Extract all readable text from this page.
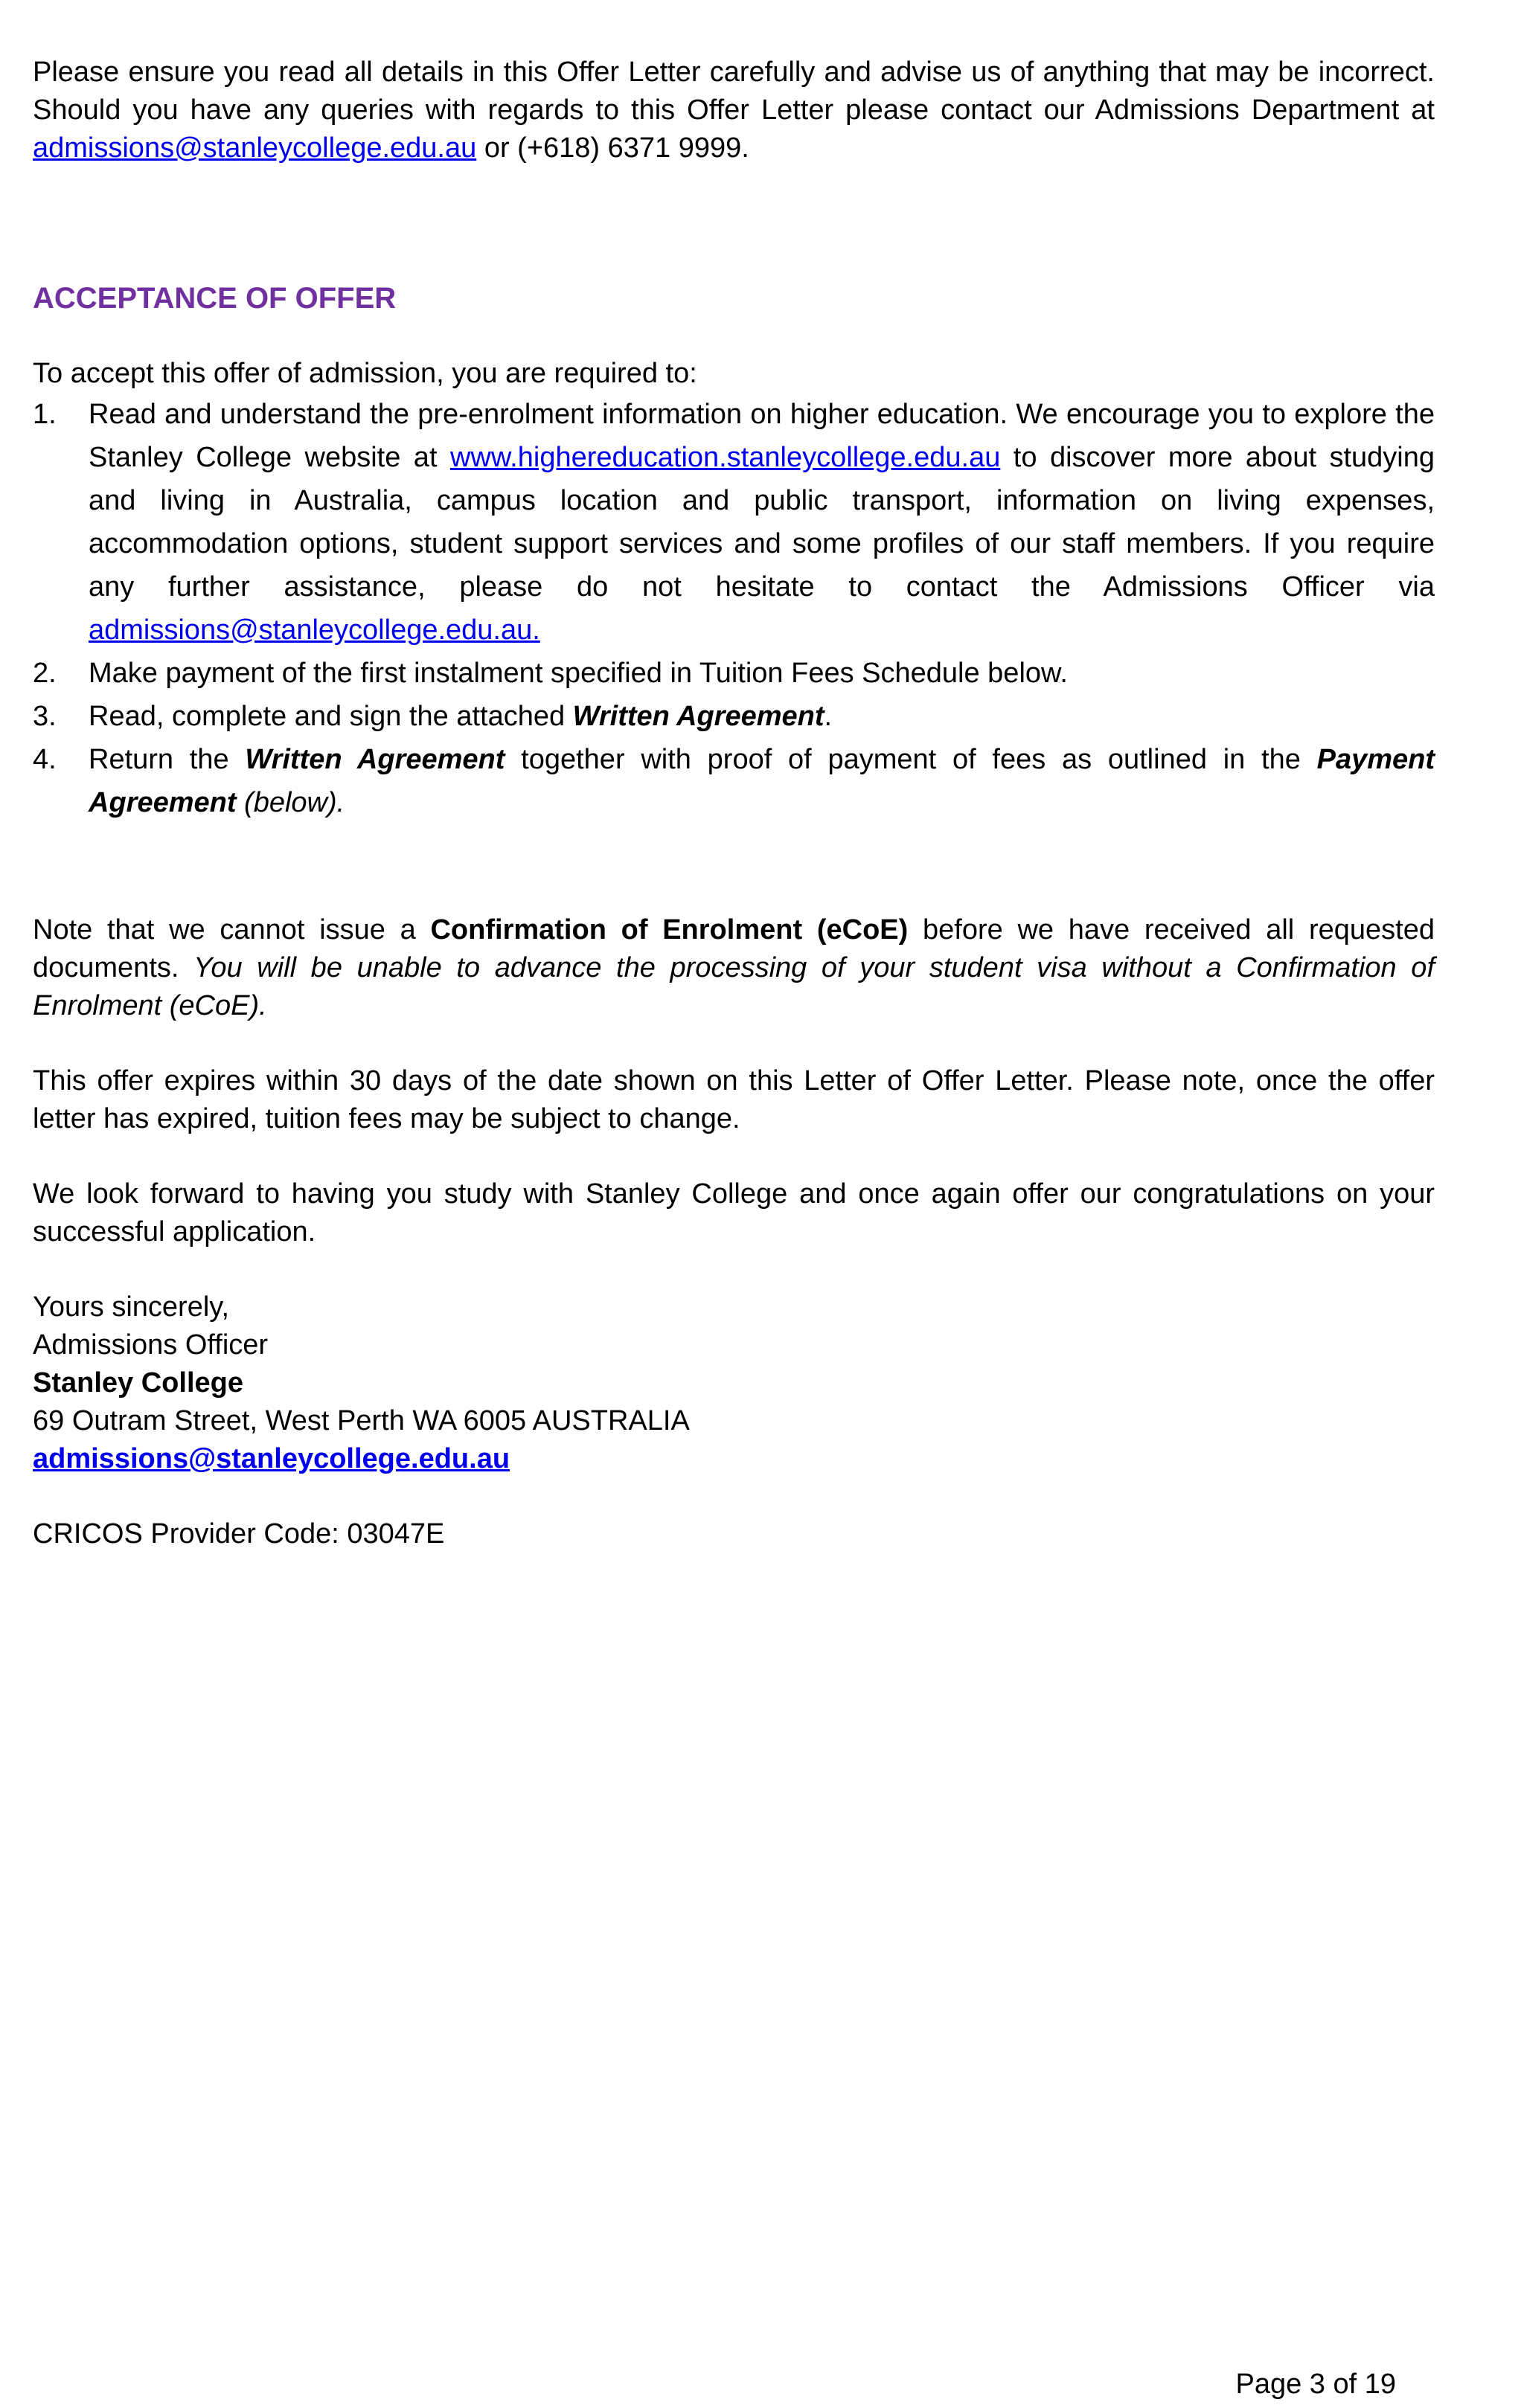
Please ensure you read all details in this Offer Letter carefully and advise us of anything that may be incorrect. Should you have any queries with regards to this Offer Letter please contact our Admissions Department at admissions@stanleycollege.edu.au or (+618) 6371 9999.

ACCEPTANCE OF OFFER

To accept this offer of admission, you are required to:

1. Read and understand the pre-enrolment information on higher education. We encourage you to explore the Stanley College website at www.highereducation.stanleycollege.edu.au to discover more about studying and living in Australia, campus location and public transport, information on living expenses, accommodation options, student support services and some profiles of our staff members. If you require any further assistance, please do not hesitate to contact the Admissions Officer via admissions@stanleycollege.edu.au.
2. Make payment of the first instalment specified in Tuition Fees Schedule below.
3. Read, complete and sign the attached Written Agreement.
4. Return the Written Agreement together with proof of payment of fees as outlined in the Payment Agreement (below).

Note that we cannot issue a Confirmation of Enrolment (eCoE) before we have received all requested documents. You will be unable to advance the processing of your student visa without a Confirmation of Enrolment (eCoE).

This offer expires within 30 days of the date shown on this Letter of Offer Letter. Please note, once the offer letter has expired, tuition fees may be subject to change.

We look forward to having you study with Stanley College and once again offer our congratulations on your successful application.

Yours sincerely,
Admissions Officer
Stanley College
69 Outram Street, West Perth WA 6005 AUSTRALIA
admissions@stanleycollege.edu.au

CRICOS Provider Code: 03047E

Page 3 of 19
